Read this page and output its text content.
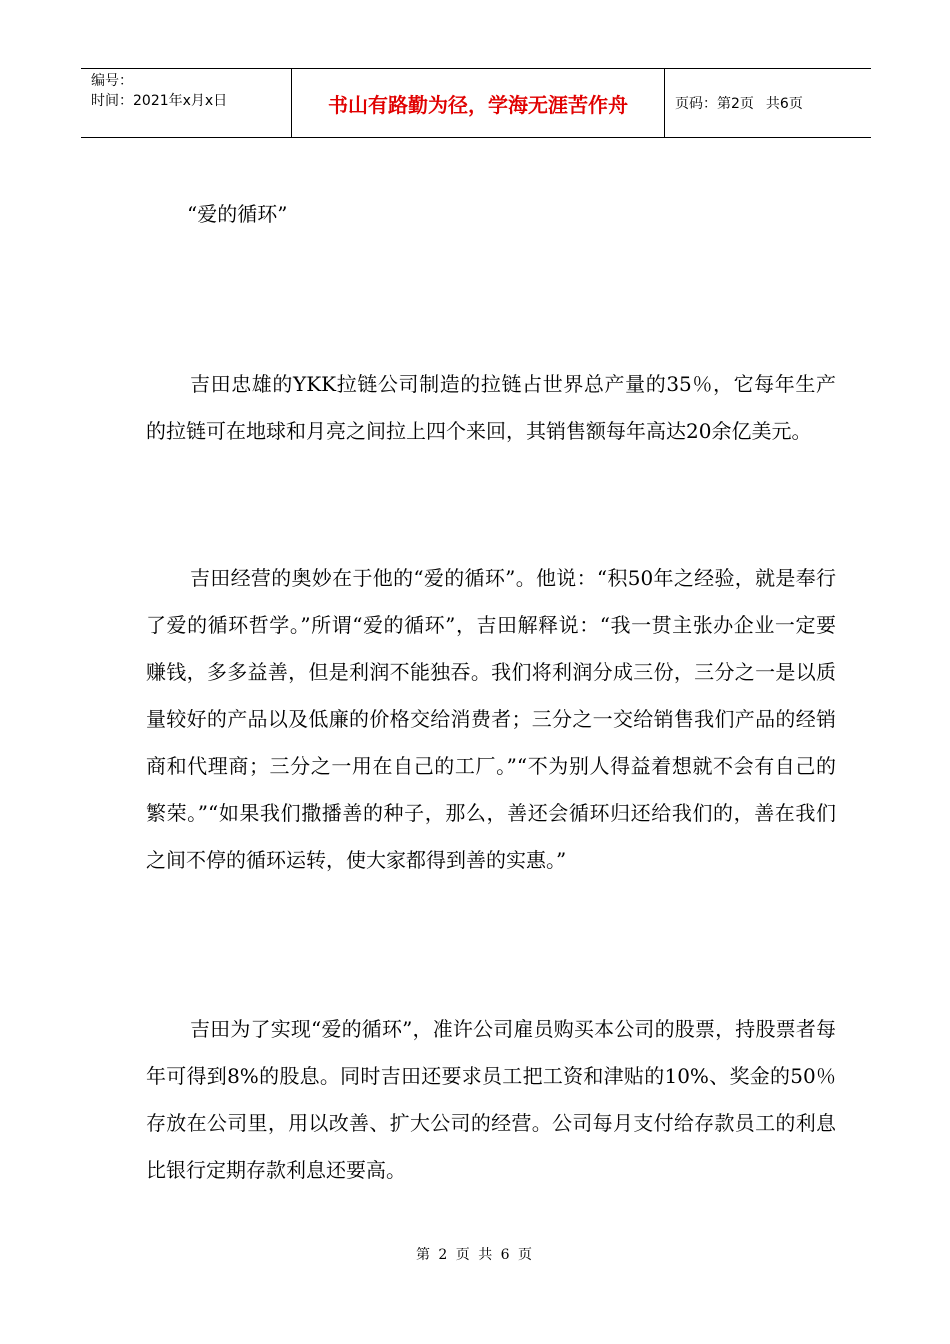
编号：
时间：2021年x月x日	书山有路勤为径，学海无涯苦作舟	页码：第2页 共6页
“爱的循环”

吉田忠雄的YKK拉链公司制造的拉链占世界总产量的35％，它每年生产的拉链可在地球和月亮之间拉上四个来回，其销售额每年高达20余亿美元。

吉田经营的奥妙在于他的“爱的循环”。他说：“积50年之经验，就是奉行了爱的循环哲学。”所谓“爱的循环”，吉田解释说：“我一贯主张办企业一定要赚钱，多多益善，但是利润不能独吞。我们将利润分成三份，三分之一是以质量较好的产品以及低廉的价格交给消费者；三分之一交给销售我们产品的经销商和代理商；三分之一用在自己的工厂。”“不为别人得益着想就不会有自己的繁荣。”“如果我们撒播善的种子，那么，善还会循环归还给我们的，善在我们之间不停的循环运转，使大家都得到善的实惠。”

吉田为了实现“爱的循环”，准许公司雇员购买本公司的股票，持股票者每年可得到8%的股息。同时吉田还要求员工把工资和津贴的10%、奖金的50％存放在公司里，用以改善、扩大公司的经营。公司每月支付给存款员工的利息比银行定期存款利息还要高。

第 2 页 共 6 页
